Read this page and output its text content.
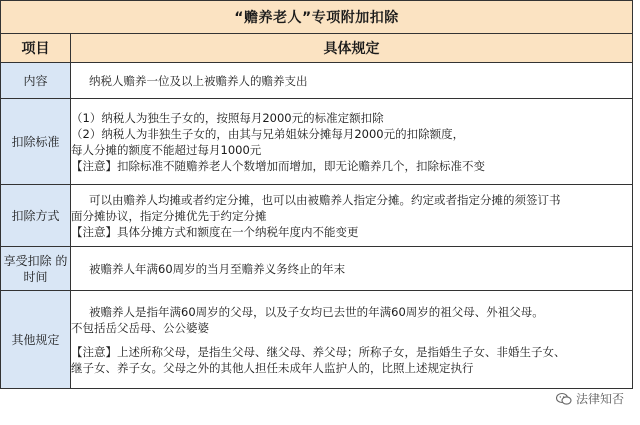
“赡养老人”专项附加扣除	
项目	具体规定
内容	纳税人赡养一位及以上被赡养人的赡养支出

扣除标准	（1）纳税人为独生子女的，按照每月2000元的标准定额扣除
（2）纳税人为非独生子女的，由其与兄弟姐妹分摊每月2000元的扣除额度，
每人分摊的额度不能超过每月1000元
【注意】扣除标准不随赡养老人个数增加而增加，即无论赡养几个，扣除标准不变

扣除方式	可以由赡养人均摊或者约定分摊，也可以由被赡养人指定分摊。约定或者指定分摊的须签订书
面分摊协议，指定分摊优先于约定分摊
【注意】具体分摊方式和额度在一个纳税年度内不能变更

享受扣除 的时间	被赡养人年满60周岁的当月至赡养义务终止的年末

其他规定	被赡养人是指年满60周岁的父母，以及子女均已去世的年满60周岁的祖父母、外祖父母。
不包括岳父岳母、公公婆婆
【注意】上述所称父母，是指生父母、继父母、养父母；所称子女，是指婚生子女、非婚生子女、
继子女、养子女。父母之外的其他人担任未成年人监护人的，比照上述规定执行
法律知否
